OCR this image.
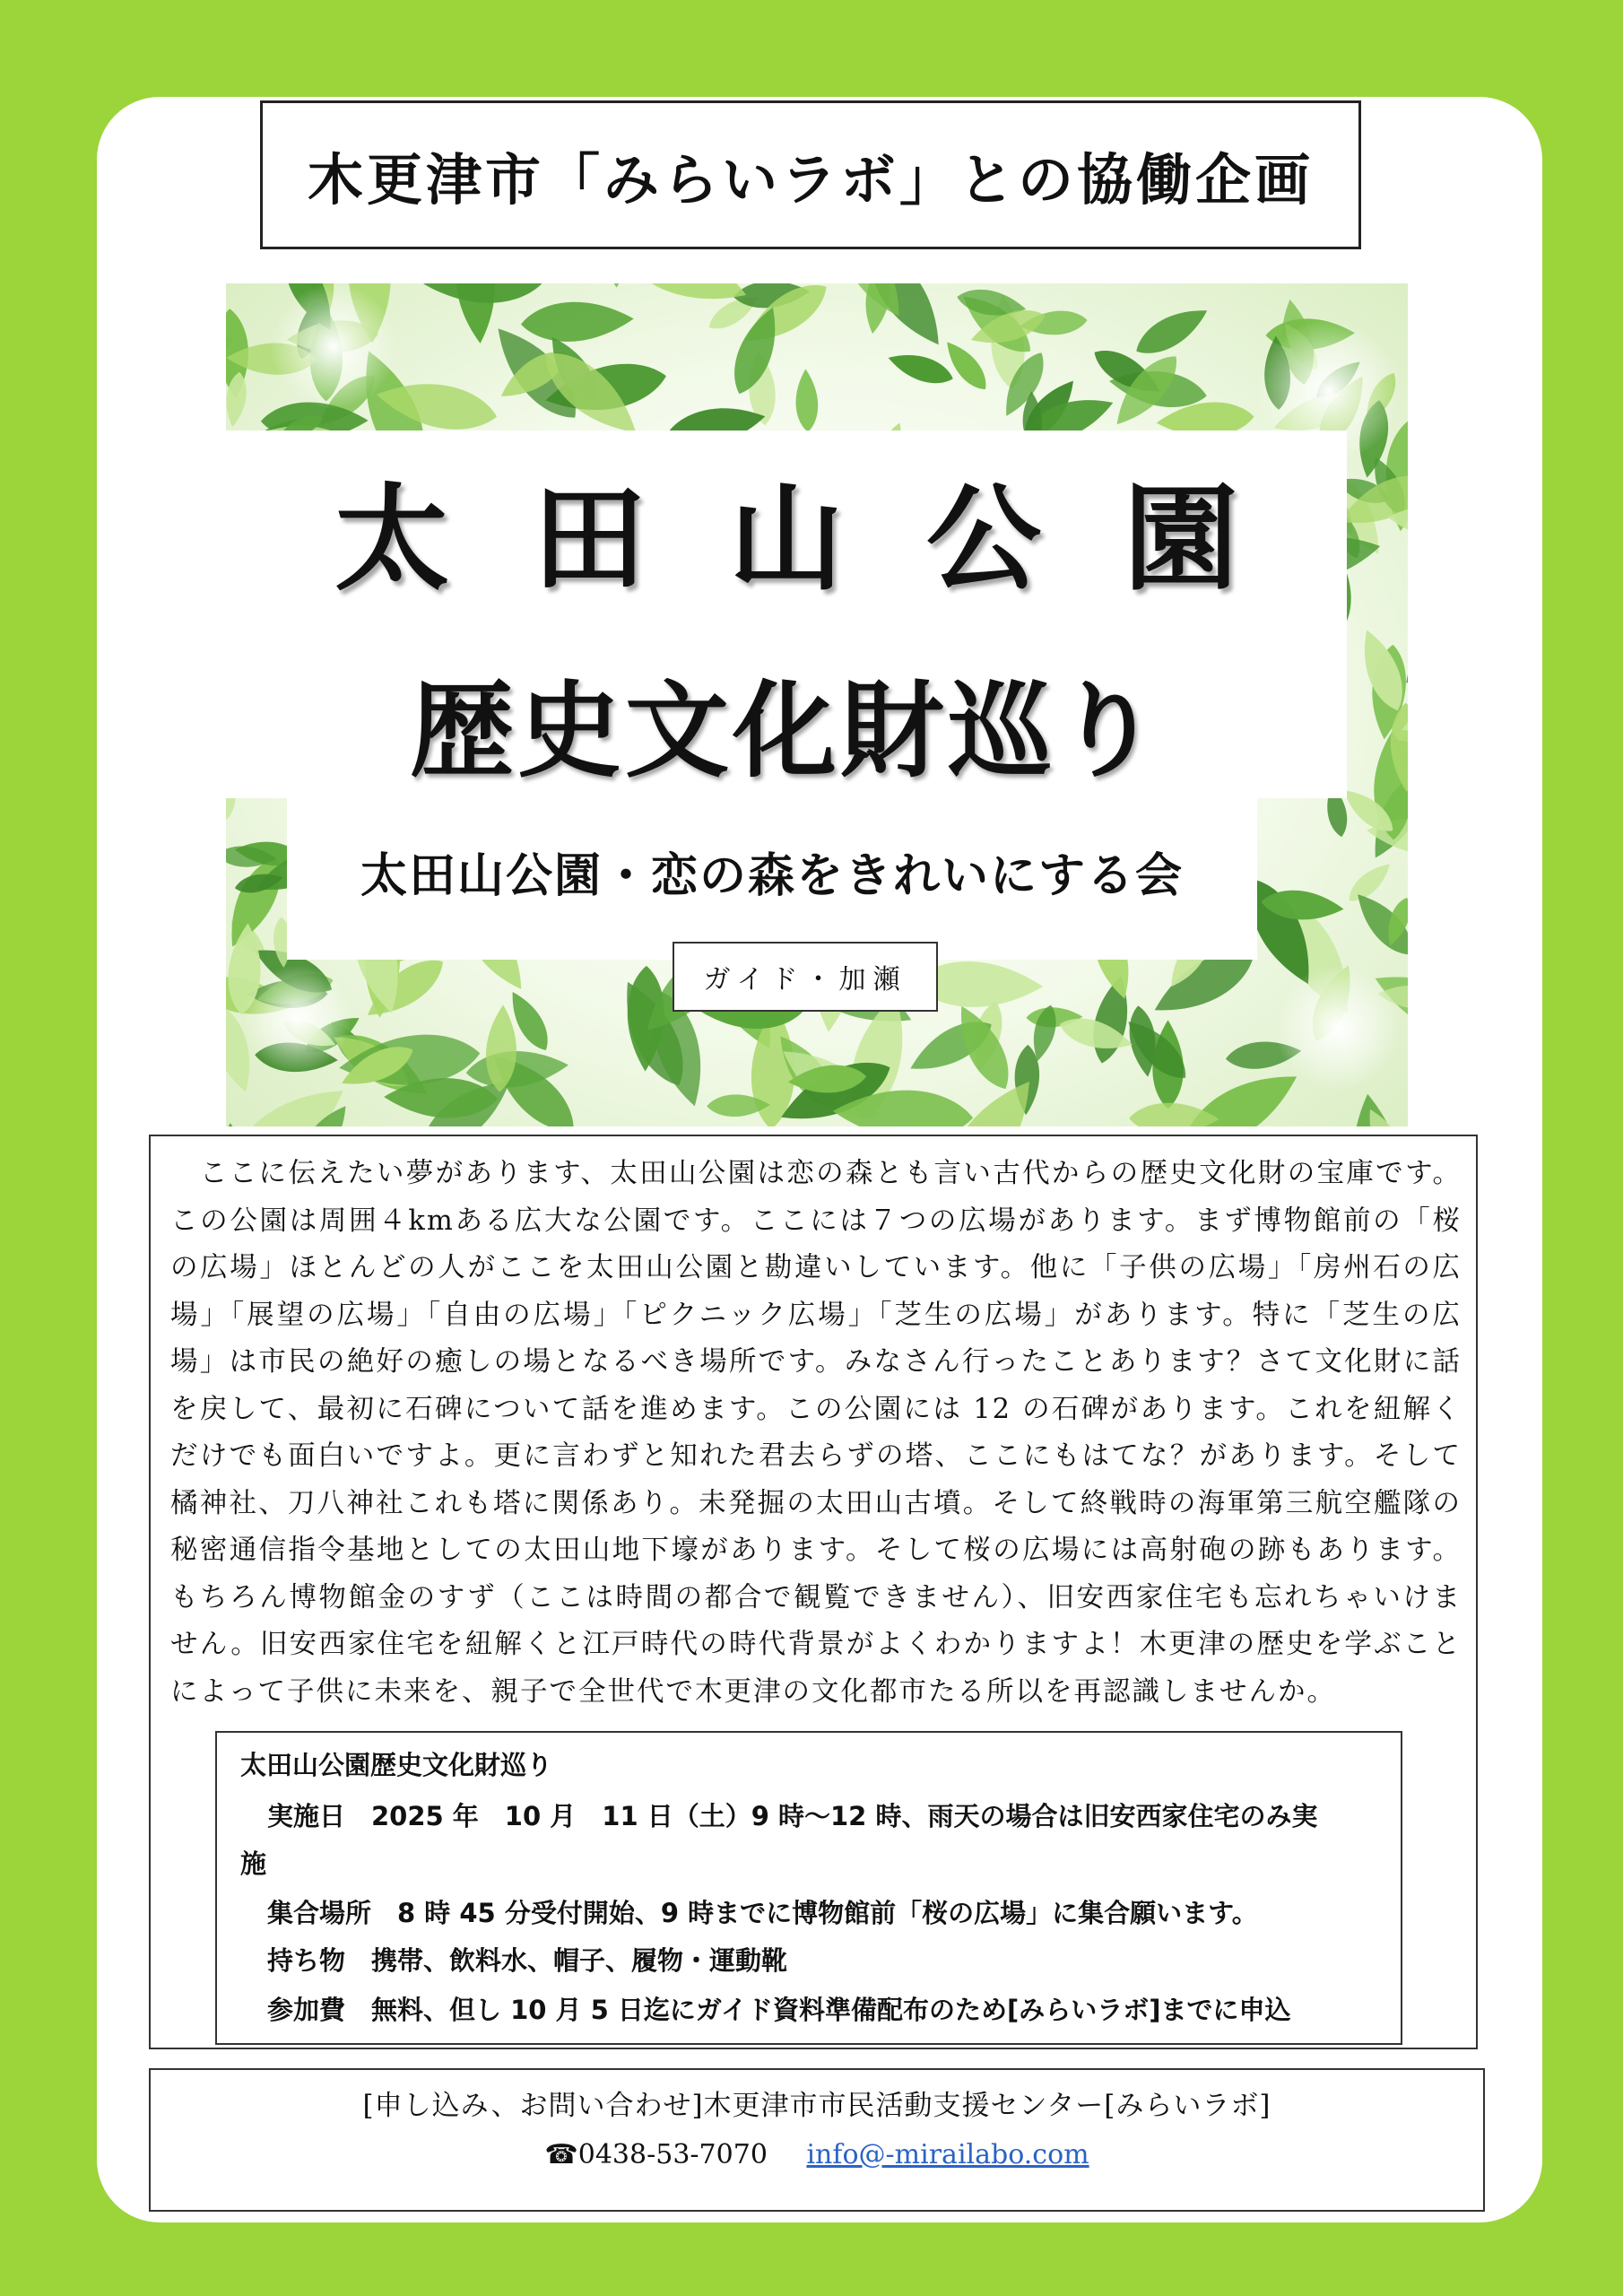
木更津市「みらいラボ」との協働企画
太田山公園
歴史文化財巡り
太田山公園・恋の森をきれいにする会
ガイド・加瀬
　ここに伝えたい夢があります、太田山公園は恋の森とも言い古代からの歴史文化財の宝庫です。この公園は周囲４kmある広大な公園です。ここには７つの広場があります。まず博物館前の「桜の広場」ほとんどの人がここを太田山公園と勘違いしています。他に「子供の広場」「房州石の広場」「展望の広場」「自由の広場」「ピクニック広場」「芝生の広場」があります。特に「芝生の広場」は市民の絶好の癒しの場となるべき場所です。みなさん行ったことあります？さて文化財に話を戻して、最初に石碑について話を進めます。この公園には 12 の石碑があります。これを紐解くだけでも面白いですよ。更に言わずと知れた君去らずの塔、ここにもはてな？があります。そして橘神社、刀八神社これも塔に関係あり。未発掘の太田山古墳。そして終戦時の海軍第三航空艦隊の秘密通信指令基地としての太田山地下壕があります。そして桜の広場には高射砲の跡もあります。もちろん博物館金のすず（ここは時間の都合で観覧できません）、旧安西家住宅も忘れちゃいけません。旧安西家住宅を紐解くと江戸時代の時代背景がよくわかりますよ！木更津の歴史を学ぶことによって子供に未来を、親子で全世代で木更津の文化都市たる所以を再認識しませんか。
太田山公園歴史文化財巡り
実施日　2025 年　10 月　11 日（土）9 時～12 時、雨天の場合は旧安西家住宅のみ実
施
集合場所　8 時 45 分受付開始、9 時までに博物館前「桜の広場」に集合願います。
持ち物　携帯、飲料水、帽子、履物・運動靴
参加費　無料、但し 10 月 5 日迄にガイド資料準備配布のため[みらいラボ]までに申込
[申し込み、お問い合わせ]木更津市市民活動支援センター[みらいラボ]
☎0438-53-7070 info@-mirailabo.com
